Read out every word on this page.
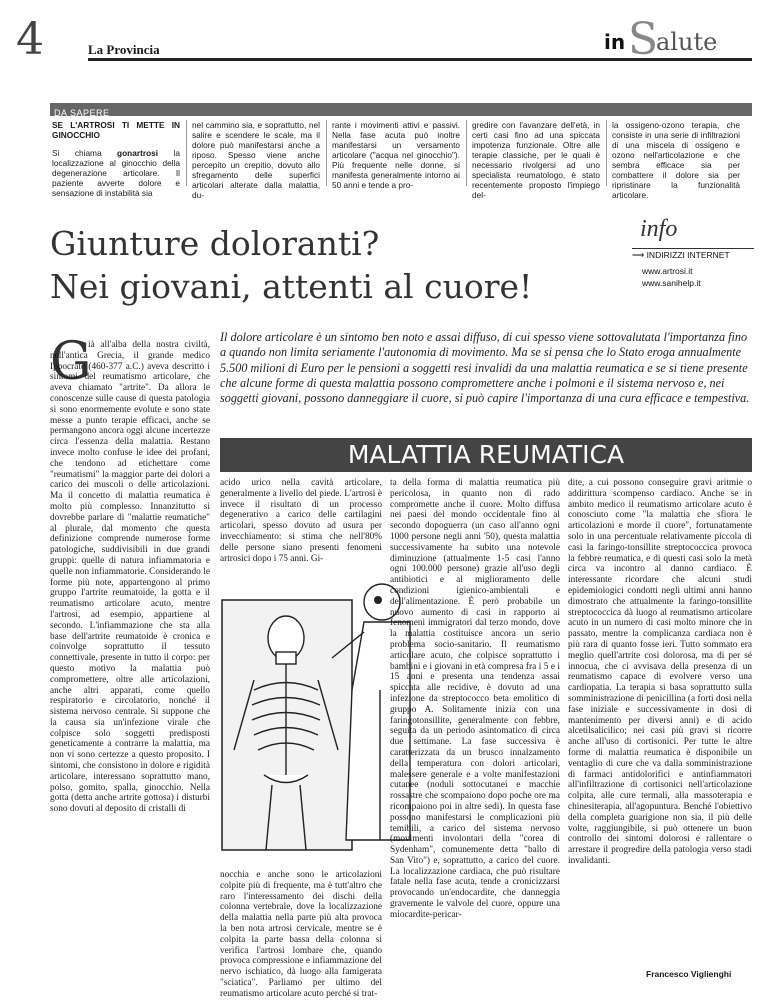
4	La Provincia	in S
alute
DA SAPERE
SE L'ARTROSI TI METTE IN GINOCCHIO
Si chiama gonartrosi la localizzazione al ginocchio della degenerazione articolare. Il paziente avverte dolore e sensazione di instabilità sia
nel cammino sia, e soprattutto, nel salire e scendere le scale, ma il dolore può manifestarsi anche a riposo. Spesso viene anche percepito un crepitio, dovuto allo sfregamento delle superfici articolari alterate dalla malattia, du-
rante i movimenti attivi e passivi. Nella fase acuta può inoltre manifestarsi un versamento articolare ("acqua nel ginocchio"). Più frequente nelle donne, si manifesta generalmente intorno ai 50 anni e tende a pro-
gredire con l'avanzare dell'età, in certi casi fino ad una spiccata impotenza funzionale. Oltre alle terapie classiche, per le quali è necessario rivolgersi ad uno specialista reumatologo, è stato recentemente proposto l'impiego del-
la ossigeno-ozono terapia, che consiste in una serie di infiltrazioni di una miscela di ossigeno e ozono nell'articolazione e che sembra efficace sia per combattere il dolore sia per ripristinare la funzionalità articolare.
Giunture doloranti?
Nei giovani, attenti al cuore!
info
⟶ INDIRIZZI INTERNET
www.artrosi.it
www.sanihelp.it
Il dolore articolare è un sintomo ben noto e assai diffuso, di cui spesso viene sottovalutata l'importanza fino a quando non limita seriamente l'autonomia di movimento. Ma se si pensa che lo Stato eroga annualmente 5.500 milioni di Euro per le pensioni a soggetti resi invalidi da una malattia reumatica e se si tiene presente che alcune forme di questa malattia possono compromettere anche i polmoni e il sistema nervoso e, nei soggetti giovani, possono danneggiare il cuore, si può capire l'importanza di una cura efficace e tempestiva.
MALATTIA REUMATICA
G
ià all'alba della nostra civiltà, nell'antica Grecia, il grande medico Ippocrate (460-377 a.C.) aveva descritto i sintomi del reumatismo articolare, che aveva chiamato "artrite". Da allora le conoscenze sulle cause di questa patologia si sono enormemente evolute e sono state messe a punto terapie efficaci, anche se permangono ancora oggi alcune incertezze circa l'essenza della malattia. Restano invece molto confuse le idee dei profani, che tendono ad etichettare come "reumatismi" la maggior parte dei dolori a carico dei muscoli o delle articolazioni. Ma il concetto di malattia reumatica è molto più complesso. Innanzitutto si dovrebbe parlare di "malattie reumatiche" al plurale, dal momento che questa definizione comprende numerose forme patologiche, suddivisibili in due grandi gruppi: quelle di natura infiammatoria e quelle non infiammatorie. Considerando le forme più note, appartengono al primo gruppo l'artrite reumatoide, la gotta e il reumatismo articolare acuto, mentre l'artrosi, ad esempio, appartiene al secondo. L'infiammazione che sta alla base dell'artrite reumatoide è cronica e coinvolge soprattutto il tessuto connettivale, presente in tutto il corpo: per questo motivo la malattia può compromettere, oltre alle articolazioni, anche altri apparati, come quello respiratorio e circolatorio, nonché il sistema nervoso centrale. Si suppone che la causa sia un'infezione virale che colpisce solo soggetti predisposti geneticamente a contrarre la malattia, ma non vi sono certezze a questo proposito. I sintomi, che consistono in dolore e rigidità articolare, interessano soprattutto mano, polso, gomito, spalla, ginocchio. Nella gotta (detta anche artrite gottosa) i disturbi sono dovuti al deposito di cristalli di
acido urico nella cavità articolare, generalmente a livello del piede. L'artrosi è invece il risultato di un processo degenerativo a carico delle cartilagini articolari, spesso dovuto ad usura per invecchiamento: si stima che nell'80% delle persone siano presenti fenomeni artrosici dopo i 75 anni. Gi-
nocchia e anche sono le articolazioni colpite più di frequente, ma è tutt'altro che raro l'interessamento dei dischi della colonna vertebrale, dove la localizzazione della malattia nella parte più alta provoca la ben nota artrosi cervicale, mentre se è colpita la parte bassa della colonna si verifica l'artrosi lombare che, quando provoca compressione e infiammazione del nervo ischiatico, dà luogo alla famigerata "sciatica". Parliamo per ultimo del reumatismo articolare acuto perché si trat-
ta della forma di malattia reumatica più pericolosa, in quanto non di rado compromette anche il cuore. Molto diffusa nei paesi del mondo occidentale fino al secondo dopoguerra (un caso all'anno ogni 1000 persone negli anni '50), questa malattia successivamente ha subito una notevole diminuzione (attualmente 1-5 casi l'anno ogni 100.000 persone) grazie all'uso degli antibiotici e al miglioramento delle condizioni igienico-ambientali e dell'alimentazione. È però probabile un nuovo aumento di casi in rapporto ai fenomeni immigratori dal terzo mondo, dove la malattia costituisce ancora un serio problema socio-sanitario. Il reumatismo articolare acuto, che colpisce soprattutto i bambini e i giovani in età compresa fra i 5 e i 15 anni e presenta una tendenza assai spiccata alle recidive, è dovuto ad una infezione da streptococco beta emolitico di gruppo A. Solitamente inizia con una faringotonsillite, generalmente con febbre, seguita da un periodo asintomatico di circa due settimane. La fase successiva è caratterizzata da un brusco innalzamento della temperatura con dolori articolari, malessere generale e a volte manifestazioni cutanee (noduli sottocutanei e macchie rossastre che scompaiono dopo poche ore ma ricompaiono poi in altre sedi). In questa fase possono manifestarsi le complicazioni più temibili, a carico del sistema nervoso (movimenti involontari della "corea di Sydenham", comunemente detta "ballo di San Vito") e, soprattutto, a carico del cuore. La localizzazione cardiaca, che può risultare fatale nella fase acuta, tende a cronicizzarsi provocando un'endocardite, che danneggia gravemente le valvole del cuore, oppure una miocardite-pericar-
dite, a cui possono conseguire gravi aritmie o addirittura scompenso cardiaco. Anche se in ambito medico il reumatismo articolare acuto è conosciuto come "la malattia che sfiora le articolazioni e morde il cuore", fortunatamente solo in una percentuale relativamente piccola di casi la faringo-tonsillite streptococcica provoca la febbre reumatica, e di questi casi solo la metà circa va incontro al danno cardiaco. È interessante ricordare che alcuni studi epidemiologici condotti negli ultimi anni hanno dimostrato che attualmente la faringo-tonsillite streptococcica dà luogo al reumatismo articolare acuto in un numero di casi molto minore che in passato, mentre la complicanza cardiaca non è più rara di quanto fosse ieri. Tutto sommato era meglio quell'artrite così dolorosa, ma di per sé innocua, che ci avvisava della presenza di un reumatismo capace di evolvere verso una cardiopatia. La terapia si basa soprattutto sulla somministrazione di penicillina (a forti dosi nella fase iniziale e successivamente in dosi di mantenimento per diversi anni) e di acido alcetilsalicilico; nei casi più gravi si ricorre anche all'uso di cortisonici. Per tutte le altre forme di malattia reumatica è disponibile un ventaglio di cure che va dalla somministrazione di farmaci antidolorifici e antinfiammatori all'infiltrazione di cortisonici nell'articolazione colpita, alle cure termali, alla massoterapia e chinesiterapia, all'agopuntura. Benché l'obiettivo della completa guarigione non sia, il più delle volte, raggiungibile, si può ottenere un buon controllo dei sintomi dolorosi e rallentare o arrestare il progredire della patologia verso stadi invalidanti.
Francesco Viglienghi
